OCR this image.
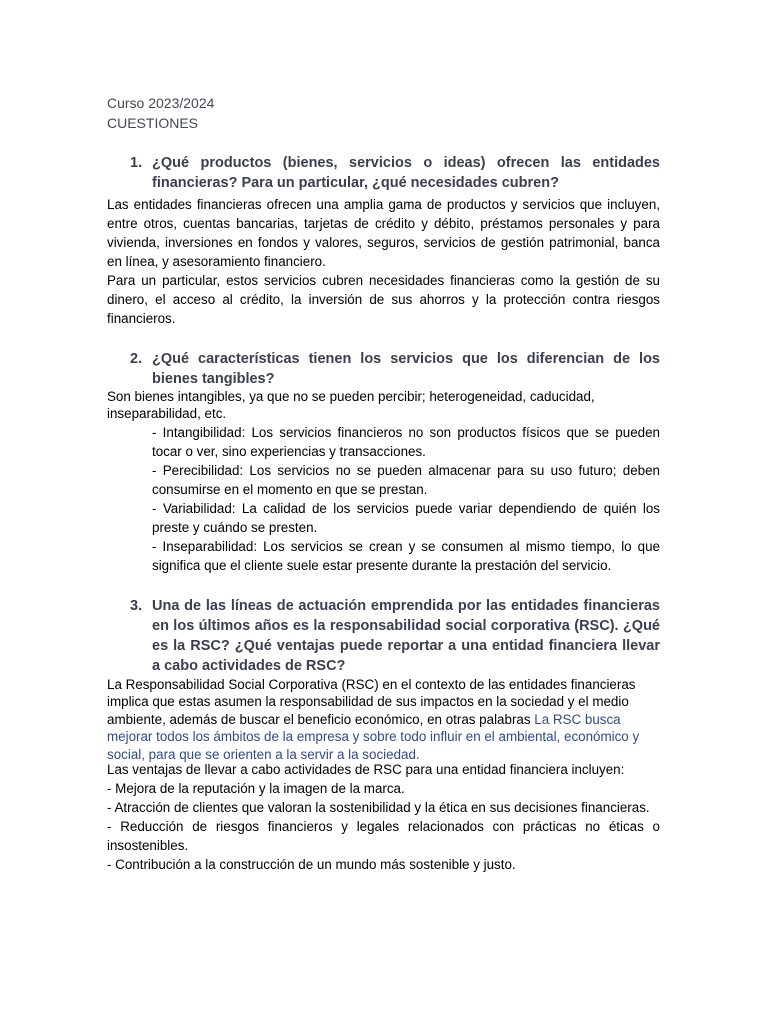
Curso 2023/2024
CUESTIONES
1. ¿Qué productos (bienes, servicios o ideas) ofrecen las entidades financieras? Para un particular, ¿qué necesidades cubren?

Las entidades financieras ofrecen una amplia gama de productos y servicios que incluyen, entre otros, cuentas bancarias, tarjetas de crédito y débito, préstamos personales y para vivienda, inversiones en fondos y valores, seguros, servicios de gestión patrimonial, banca en línea, y asesoramiento financiero.

Para un particular, estos servicios cubren necesidades financieras como la gestión de su dinero, el acceso al crédito, la inversión de sus ahorros y la protección contra riesgos financieros.

2. ¿Qué características tienen los servicios que los diferencian de los bienes tangibles?

Son bienes intangibles, ya que no se pueden percibir; heterogeneidad, caducidad, inseparabilidad, etc.

- Intangibilidad: Los servicios financieros no son productos físicos que se pueden tocar o ver, sino experiencias y transacciones.

- Perecibilidad: Los servicios no se pueden almacenar para su uso futuro; deben consumirse en el momento en que se prestan.

- Variabilidad: La calidad de los servicios puede variar dependiendo de quién los preste y cuándo se presten.

- Inseparabilidad: Los servicios se crean y se consumen al mismo tiempo, lo que significa que el cliente suele estar presente durante la prestación del servicio.

3. Una de las líneas de actuación emprendida por las entidades financieras en los últimos años es la responsabilidad social corporativa (RSC). ¿Qué es la RSC? ¿Qué ventajas puede reportar a una entidad financiera llevar a cabo actividades de RSC?

La Responsabilidad Social Corporativa (RSC) en el contexto de las entidades financieras implica que estas asumen la responsabilidad de sus impactos en la sociedad y el medio ambiente, además de buscar el beneficio económico, en otras palabras La RSC busca mejorar todos los ámbitos de la empresa y sobre todo influir en el ambiental, económico y social, para que se orienten a la servir a la sociedad.

Las ventajas de llevar a cabo actividades de RSC para una entidad financiera incluyen:

- Mejora de la reputación y la imagen de la marca.

- Atracción de clientes que valoran la sostenibilidad y la ética en sus decisiones financieras.

- Reducción de riesgos financieros y legales relacionados con prácticas no éticas o insostenibles.

- Contribución a la construcción de un mundo más sostenible y justo.
